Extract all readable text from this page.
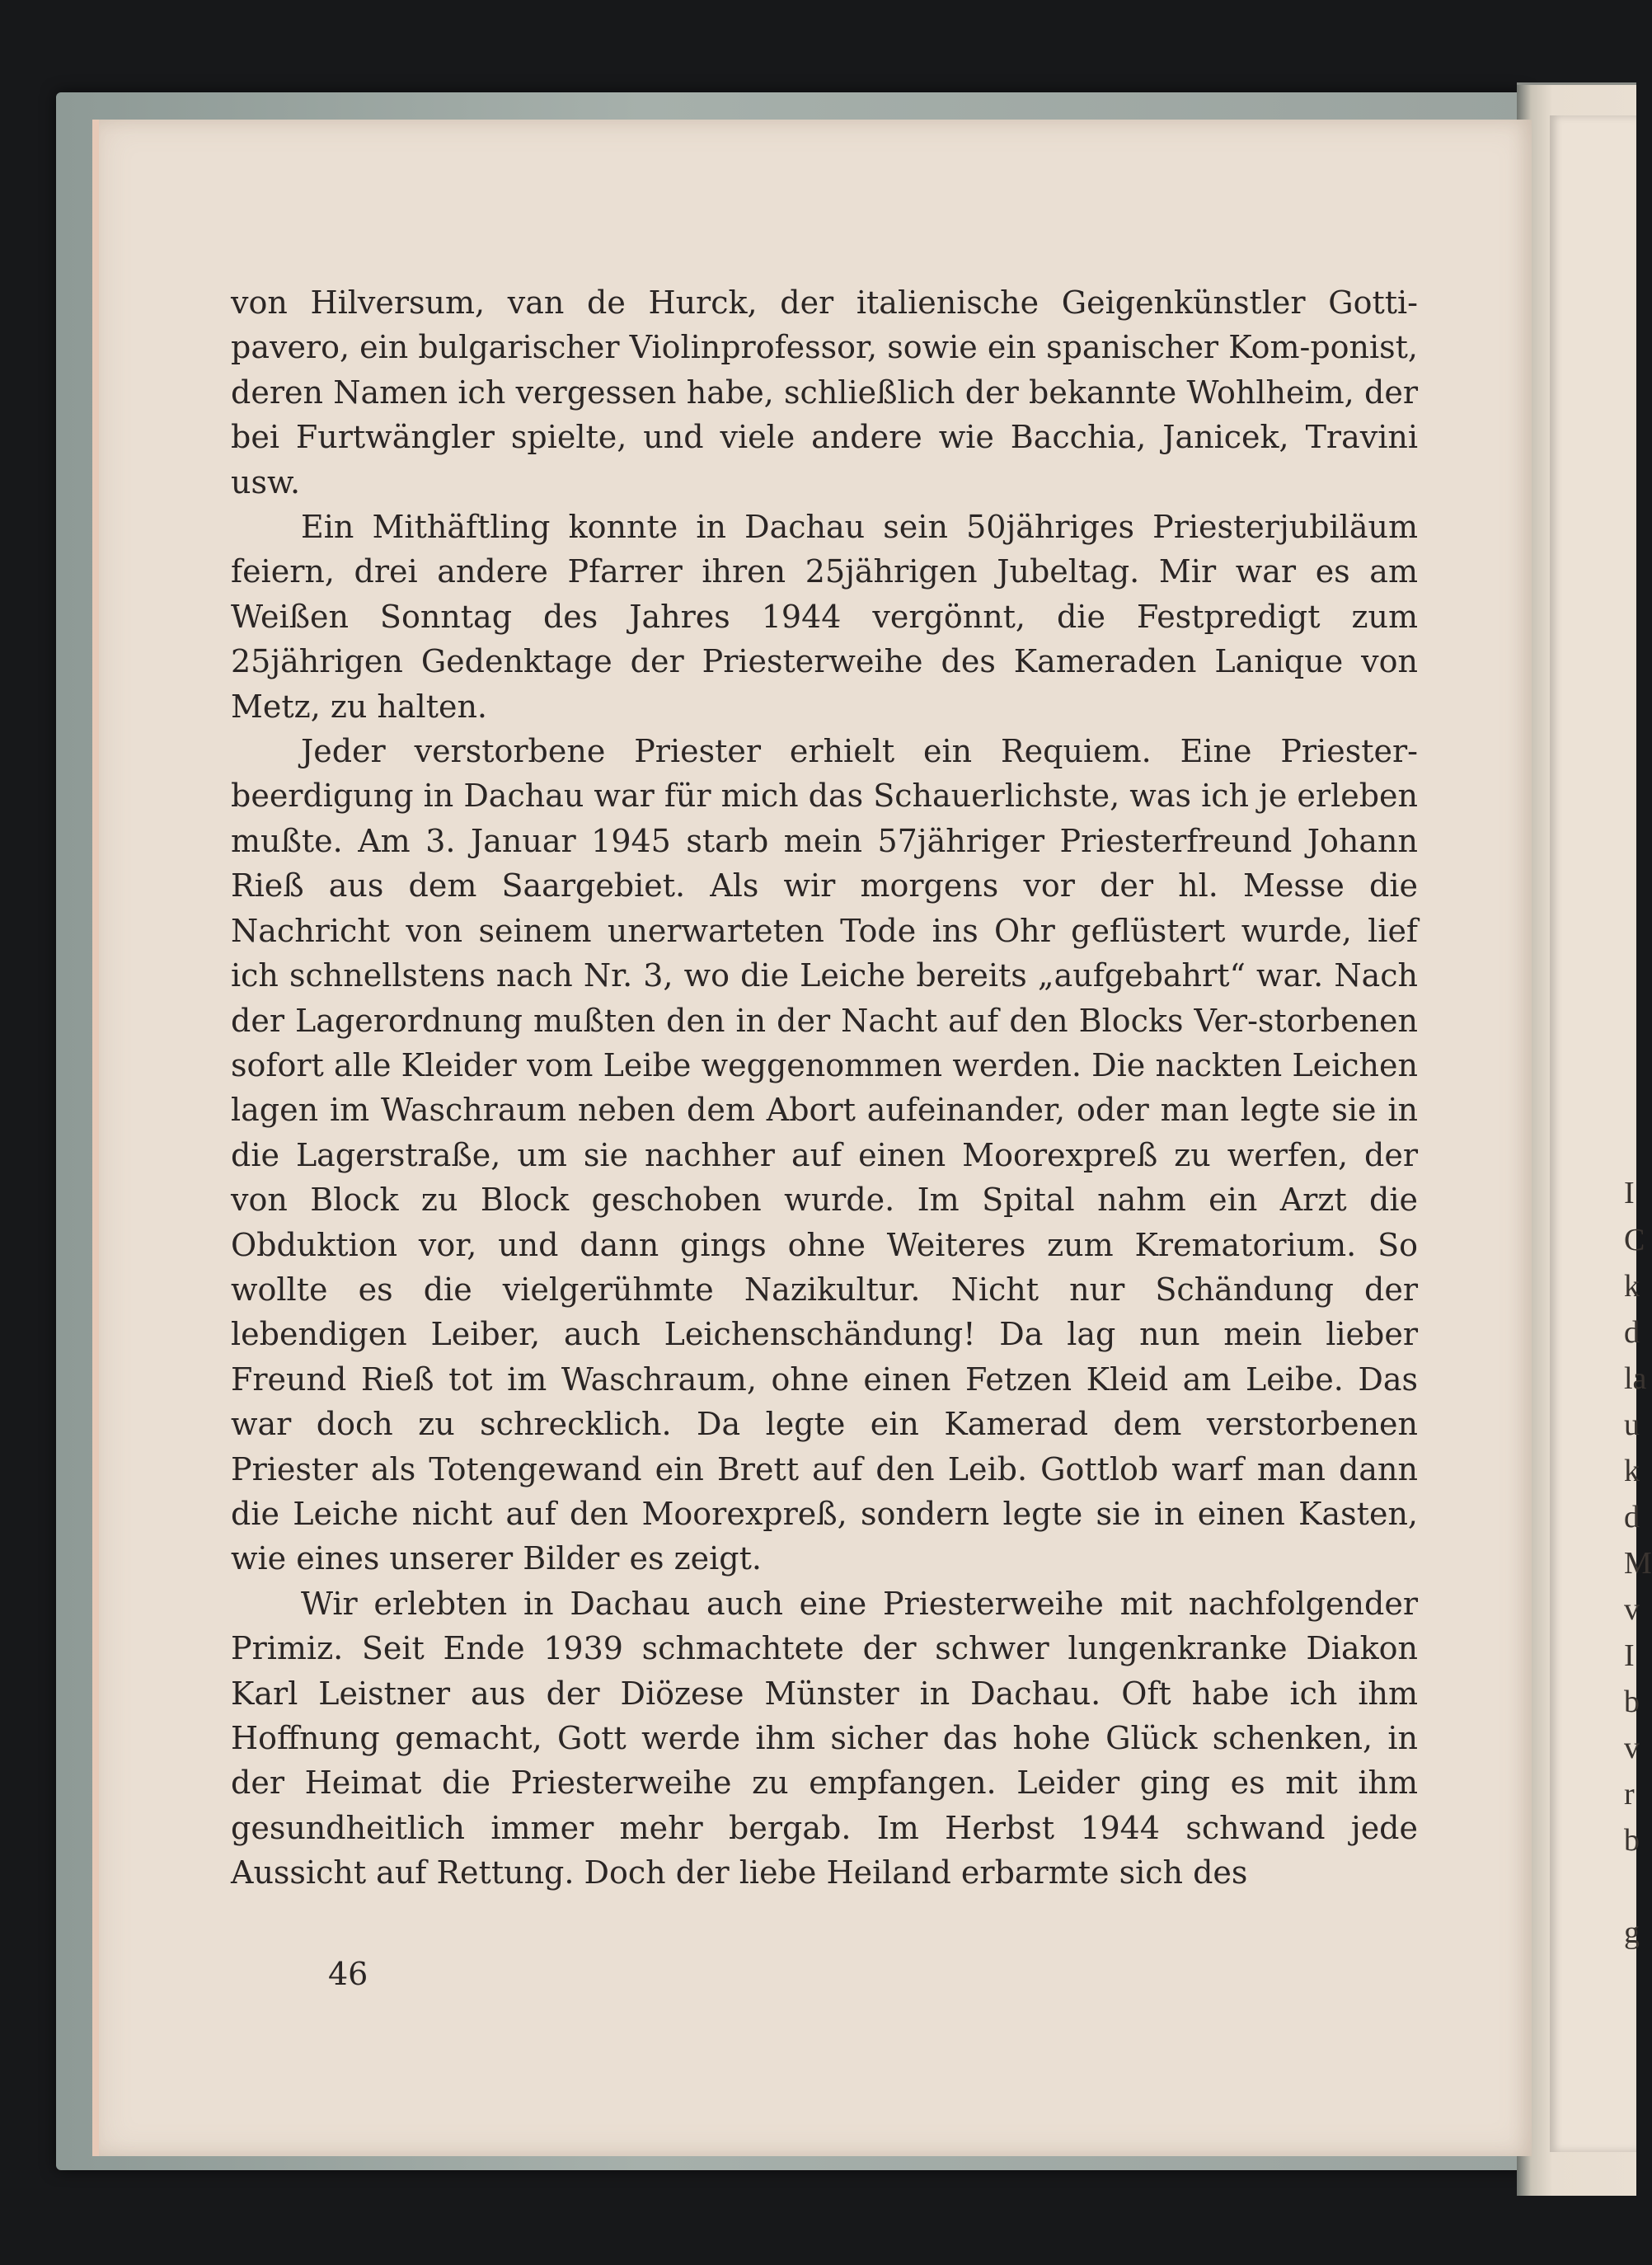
I
C
k
d
la
u
k
d
M
v
I
b
v
r
b
g

von Hilversum, van de Hurck, der italienische Geigenkünstler Gotti-pavero, ein bulgarischer Violinprofessor, sowie ein spanischer Kom-ponist, deren Namen ich vergessen habe, schließlich der bekannte Wohlheim, der bei Furtwängler spielte, und viele andere wie Bacchia, Janicek, Travini usw.

Ein Mithäftling konnte in Dachau sein 50jähriges Priesterjubiläum feiern, drei andere Pfarrer ihren 25jährigen Jubeltag. Mir war es am Weißen Sonntag des Jahres 1944 vergönnt, die Festpredigt zum 25jährigen Gedenktage der Priesterweihe des Kameraden Lanique von Metz, zu halten.

Jeder verstorbene Priester erhielt ein Requiem. Eine Priester-beerdigung in Dachau war für mich das Schauerlichste, was ich je erleben mußte. Am 3. Januar 1945 starb mein 57jähriger Priesterfreund Johann Rieß aus dem Saargebiet. Als wir morgens vor der hl. Messe die Nachricht von seinem unerwarteten Tode ins Ohr geflüstert wurde, lief ich schnellstens nach Nr. 3, wo die Leiche bereits „aufgebahrt“ war. Nach der Lagerordnung mußten den in der Nacht auf den Blocks Ver-storbenen sofort alle Kleider vom Leibe weggenommen werden. Die nackten Leichen lagen im Waschraum neben dem Abort aufeinander, oder man legte sie in die Lagerstraße, um sie nachher auf einen Moorexpreß zu werfen, der von Block zu Block geschoben wurde. Im Spital nahm ein Arzt die Obduktion vor, und dann gings ohne Weiteres zum Krematorium. So wollte es die vielgerühmte Nazikultur. Nicht nur Schändung der lebendigen Leiber, auch Leichenschändung! Da lag nun mein lieber Freund Rieß tot im Waschraum, ohne einen Fetzen Kleid am Leibe. Das war doch zu schrecklich. Da legte ein Kamerad dem verstorbenen Priester als Totengewand ein Brett auf den Leib. Gottlob warf man dann die Leiche nicht auf den Moorexpreß, sondern legte sie in einen Kasten, wie eines unserer Bilder es zeigt.

Wir erlebten in Dachau auch eine Priesterweihe mit nachfolgender Primiz. Seit Ende 1939 schmachtete der schwer lungenkranke Diakon Karl Leistner aus der Diözese Münster in Dachau. Oft habe ich ihm Hoffnung gemacht, Gott werde ihm sicher das hohe Glück schenken, in der Heimat die Priesterweihe zu empfangen. Leider ging es mit ihm gesundheitlich immer mehr bergab. Im Herbst 1944 schwand jede Aussicht auf Rettung. Doch der liebe Heiland erbarmte sich des

46
